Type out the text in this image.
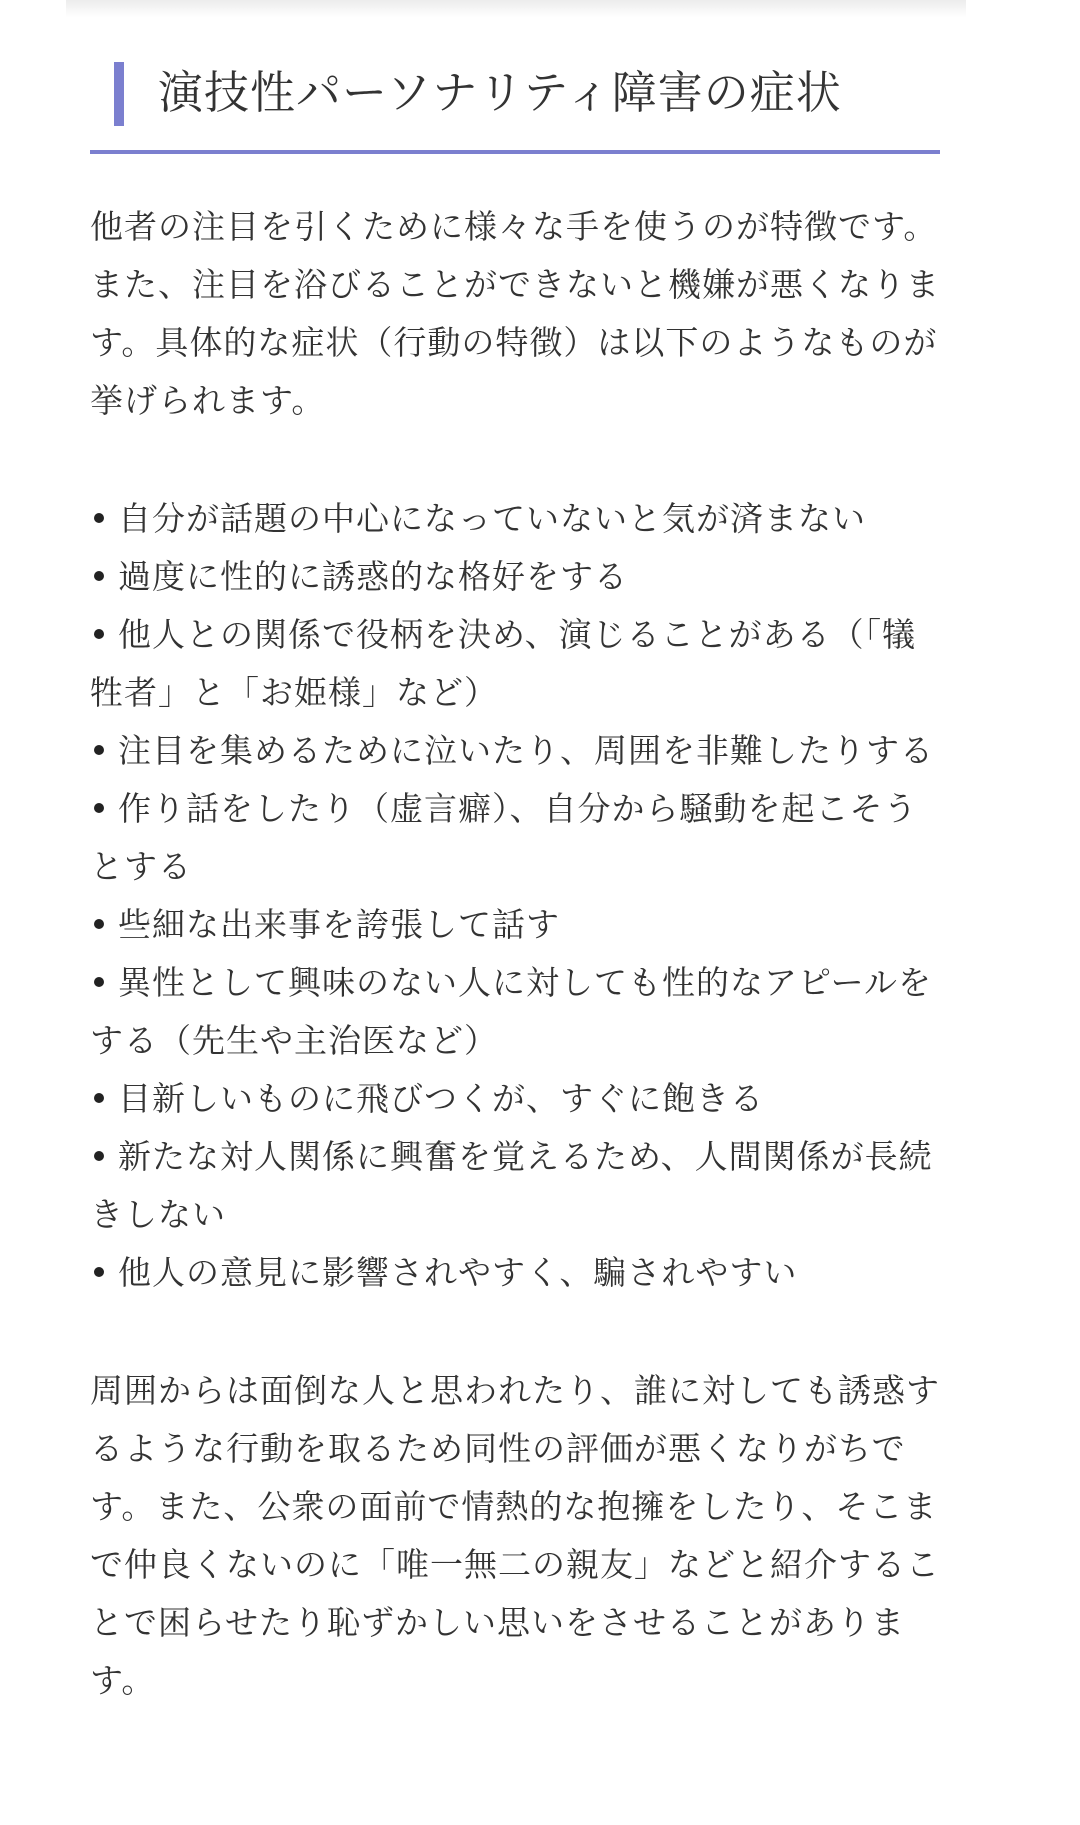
演技性パーソナリティ障害の症状

他者の注目を引くために様々な手を使うのが特徴です。また、注目を浴びることができないと機嫌が悪くなります。具体的な症状（行動の特徴）は以下のようなものが挙げられます。

自分が話題の中心になっていないと気が済まない
過度に性的に誘惑的な格好をする
他人との関係で役柄を決め、演じることがある（「犠牲者」と「お姫様」など）
注目を集めるために泣いたり、周囲を非難したりする
作り話をしたり（虚言癖）、自分から騒動を起こそうとする
些細な出来事を誇張して話す
異性として興味のない人に対しても性的なアピールをする（先生や主治医など）
目新しいものに飛びつくが、すぐに飽きる
新たな対人関係に興奮を覚えるため、人間関係が長続きしない
他人の意見に影響されやすく、騙されやすい

周囲からは面倒な人と思われたり、誰に対しても誘惑するような行動を取るため同性の評価が悪くなりがちです。また、公衆の面前で情熱的な抱擁をしたり、そこまで仲良くないのに「唯一無二の親友」などと紹介することで困らせたり恥ずかしい思いをさせることがあります。
